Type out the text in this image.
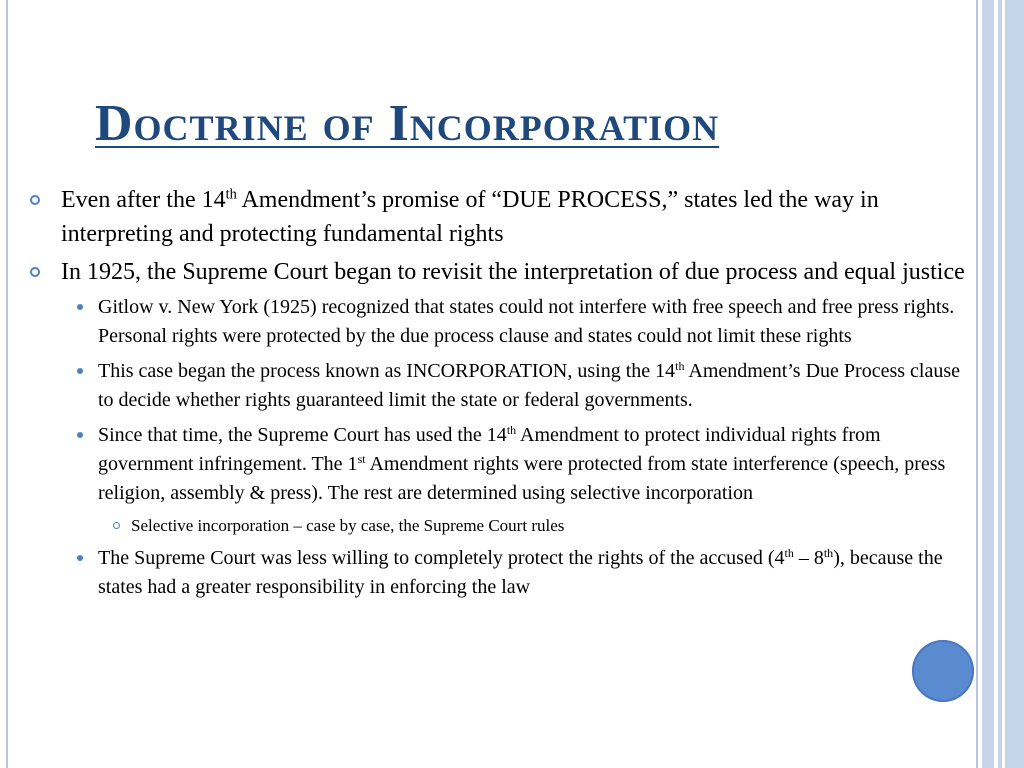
Doctrine of Incorporation
Even after the 14th Amendment’s promise of “DUE PROCESS,” states led the way in interpreting and protecting fundamental rights
In 1925, the Supreme Court began to revisit the interpretation of due process and equal justice
Gitlow v. New York (1925) recognized that states could not interfere with free speech and free press rights. Personal rights were protected by the due process clause and states could not limit these rights
This case began the process known as INCORPORATION, using the 14th Amendment’s Due Process clause to decide whether rights guaranteed limit the state or federal governments.
Since that time, the Supreme Court has used the 14th Amendment to protect individual rights from government infringement. The 1st Amendment rights were protected from state interference (speech, press religion, assembly & press). The rest are determined using selective incorporation
Selective incorporation – case by case, the Supreme Court rules
The Supreme Court was less willing to completely protect the rights of the accused (4th – 8th), because the states had a greater responsibility in enforcing the law
